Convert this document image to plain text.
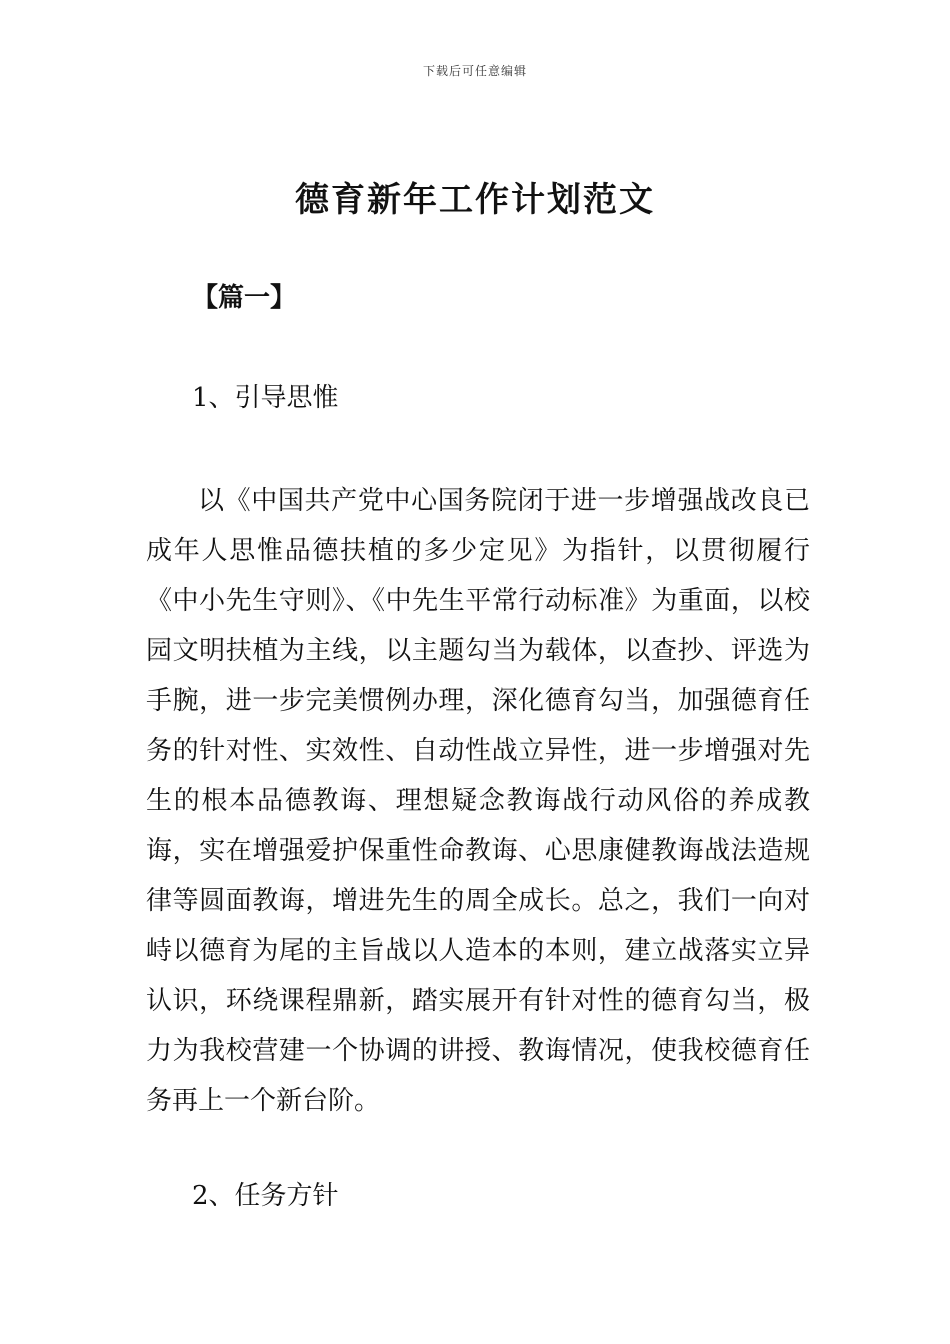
下载后可任意编辑
德育新年工作计划范文
【篇一】
1、引导思惟
以《中国共产党中心国务院闭于进一步增强战改良已成年人思惟品德扶植的多少定见》为指针，以贯彻履行《中小先生守则》、《中先生平常行动标准》为重面，以校园文明扶植为主线，以主题勾当为载体，以查抄、评选为手腕，进一步完美惯例办理，深化德育勾当，加强德育任务的针对性、实效性、自动性战立异性，进一步增强对先生的根本品德教诲、理想疑念教诲战行动风俗的养成教诲，实在增强爱护保重性命教诲、心思康健教诲战法造规律等圆面教诲，增进先生的周全成长。总之，我们一向对峙以德育为尾的主旨战以人造本的本则，建立战落实立异认识，环绕课程鼎新，踏实展开有针对性的德育勾当，极力为我校营建一个协调的讲授、教诲情况，使我校德育任务再上一个新台阶。
2、任务方针
